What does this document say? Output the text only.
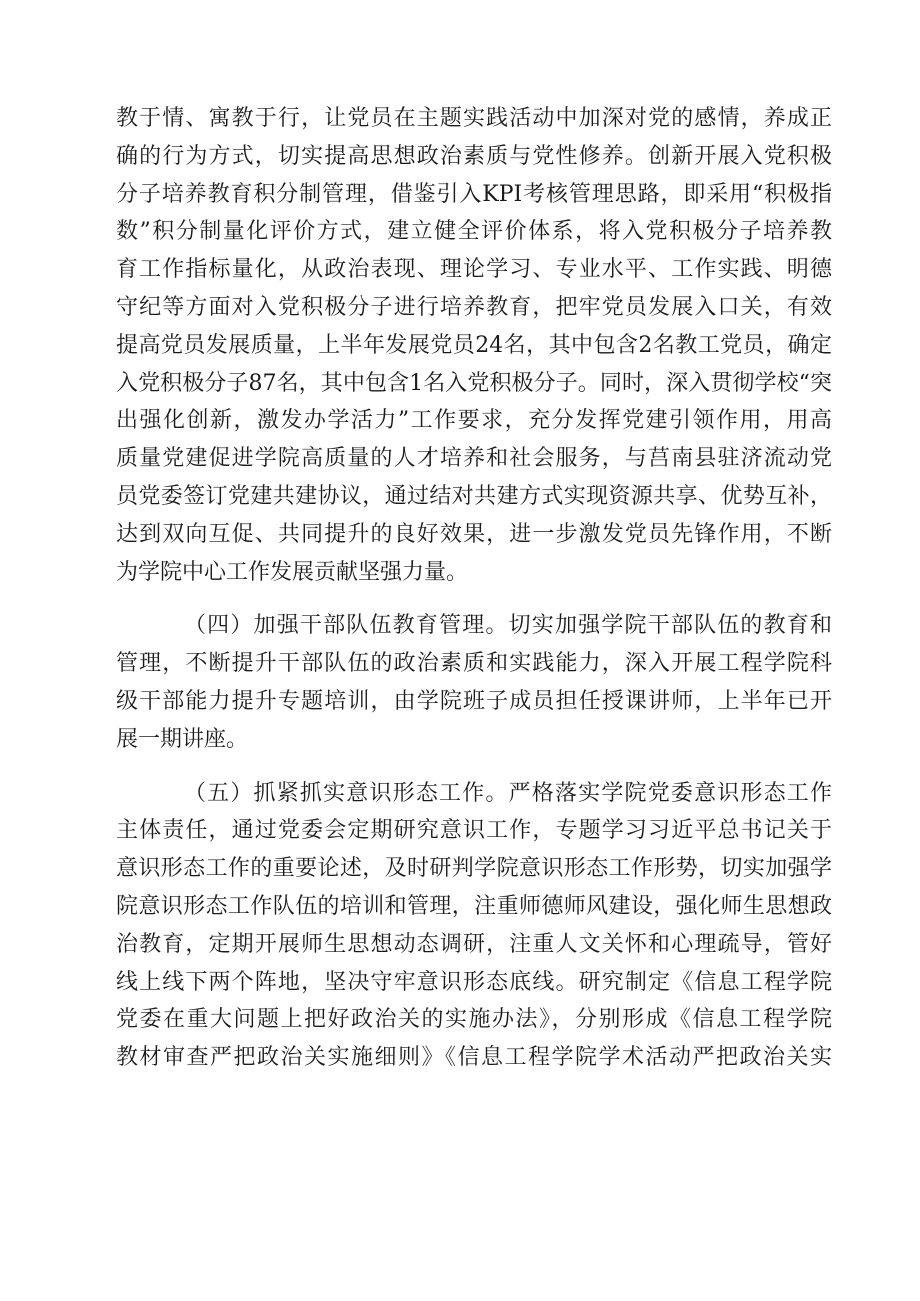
教于情、寓教于行，让党员在主题实践活动中加深对党的感情，养成正
确的行为方式，切实提高思想政治素质与党性修养。创新开展入党积极
分子培养教育积分制管理，借鉴引入KPI考核管理思路，即采用“积极指
数”积分制量化评价方式，建立健全评价体系，将入党积极分子培养教
育工作指标量化，从政治表现、理论学习、专业水平、工作实践、明德
守纪等方面对入党积极分子进行培养教育，把牢党员发展入口关，有效
提高党员发展质量，上半年发展党员24名，其中包含2名教工党员，确定
入党积极分子87名，其中包含1名入党积极分子。同时，深入贯彻学校“突
出强化创新，激发办学活力”工作要求，充分发挥党建引领作用，用高
质量党建促进学院高质量的人才培养和社会服务，与莒南县驻济流动党
员党委签订党建共建协议，通过结对共建方式实现资源共享、优势互补，
达到双向互促、共同提升的良好效果，进一步激发党员先锋作用，不断
为学院中心工作发展贡献坚强力量。
（四）加强干部队伍教育管理。切实加强学院干部队伍的教育和
管理，不断提升干部队伍的政治素质和实践能力，深入开展工程学院科
级干部能力提升专题培训，由学院班子成员担任授课讲师，上半年已开
展一期讲座。
（五）抓紧抓实意识形态工作。严格落实学院党委意识形态工作
主体责任，通过党委会定期研究意识工作，专题学习习近平总书记关于
意识形态工作的重要论述，及时研判学院意识形态工作形势，切实加强学
院意识形态工作队伍的培训和管理，注重师德师风建设，强化师生思想政
治教育，定期开展师生思想动态调研，注重人文关怀和心理疏导，管好
线上线下两个阵地，坚决守牢意识形态底线。研究制定《信息工程学院
党委在重大问题上把好政治关的实施办法》，分别形成《信息工程学院
教材审查严把政治关实施细则》《信息工程学院学术活动严把政治关实
